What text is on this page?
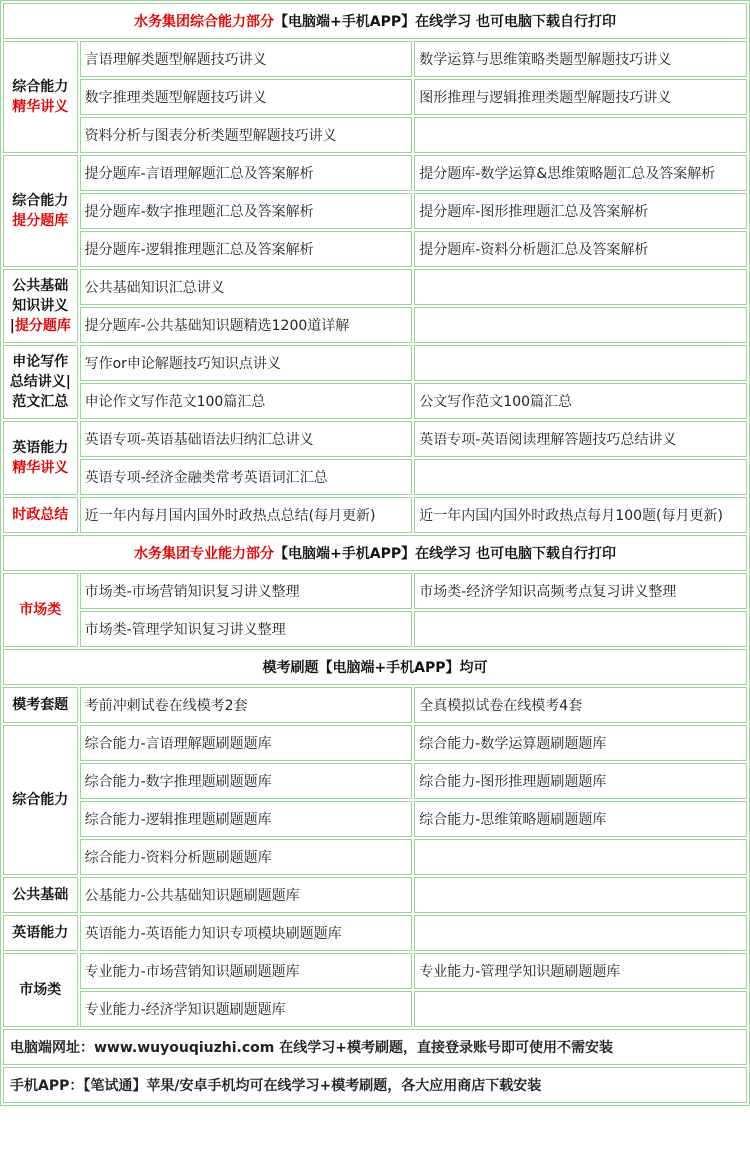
水务集团综合能力部分【电脑端+手机APP】在线学习 也可电脑下载自行打印		
综合能力
精华讲义	言语理解类题型解题技巧讲义	数学运算与思维策略类题型解题技巧讲义
	数字推理类题型解题技巧讲义	图形推理与逻辑推理类题型解题技巧讲义
	资料分析与图表分析类题型解题技巧讲义	
综合能力
提分题库	提分题库-言语理解题汇总及答案解析	提分题库-数学运算&思维策略题汇总及答案解析
	提分题库-数字推理题汇总及答案解析	提分题库-图形推理题汇总及答案解析
	提分题库-逻辑推理题汇总及答案解析	提分题库-资料分析题汇总及答案解析
公共基础知识讲义
|提分题库	公共基础知识汇总讲义	
	提分题库-公共基础知识题精选1200道详解	
申论写作总结讲义|范文汇总	写作or申论解题技巧知识点讲义	
	申论作文写作范文100篇汇总	公文写作范文100篇汇总
英语能力
精华讲义	英语专项-英语基础语法归纳汇总讲义	英语专项-英语阅读理解答题技巧总结讲义
	英语专项-经济金融类常考英语词汇汇总	
时政总结	近一年内每月国内国外时政热点总结(每月更新)	近一年内国内国外时政热点每月100题(每月更新)
水务集团专业能力部分【电脑端+手机APP】在线学习 也可电脑下载自行打印		
市场类	市场类-市场营销知识复习讲义整理	市场类-经济学知识高频考点复习讲义整理
	市场类-管理学知识复习讲义整理	
模考刷题【电脑端+手机APP】均可		
模考套题	考前冲刺试卷在线模考2套	全真模拟试卷在线模考4套
综合能力	综合能力-言语理解题刷题题库	综合能力-数学运算题刷题题库
	综合能力-数字推理题刷题题库	综合能力-图形推理题刷题题库
	综合能力-逻辑推理题刷题题库	综合能力-思维策略题刷题题库
	综合能力-资料分析题刷题题库	
公共基础	公基能力-公共基础知识题刷题题库	
英语能力	英语能力-英语能力知识专项模块刷题题库	
市场类	专业能力-市场营销知识题刷题题库	专业能力-管理学知识题刷题题库
	专业能力-经济学知识题刷题题库	
电脑端网址：www.wuyouqiuzhi.com 在线学习+模考刷题，直接登录账号即可使用不需安装		
手机APP：【笔试通】苹果/安卓手机均可在线学习+模考刷题，各大应用商店下载安装		
